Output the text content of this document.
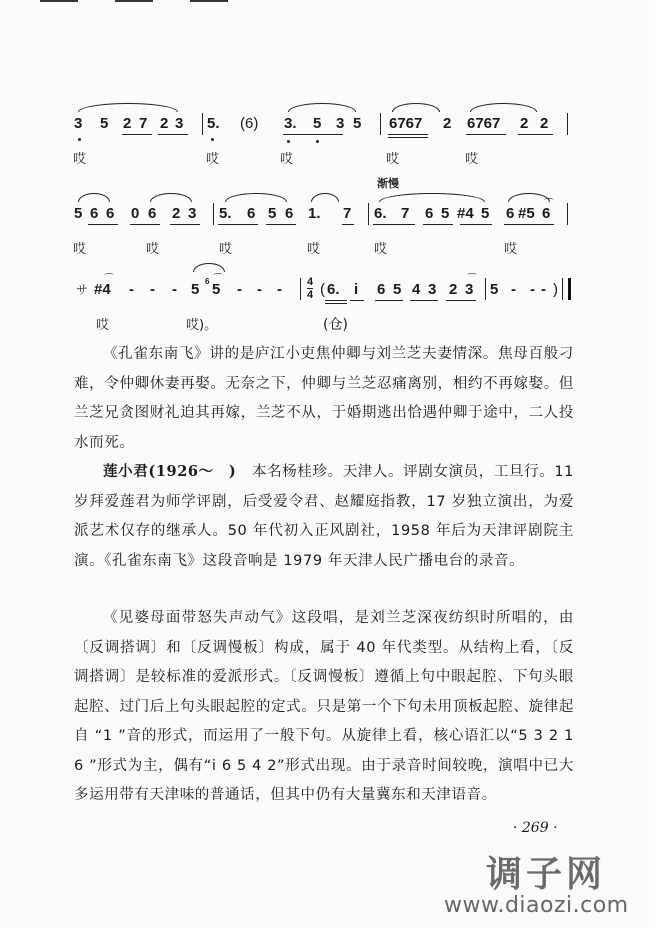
3 5 2 7 2 3 5. (6) 3. 5 3 5 6767 2 6767 2 2
哎	哎	哎	哎	哎
渐慢
5 6 6 0 6 2 3 5. 6 5 6 1. 7 6. 7 6 5 #4 5 6 #5 6
⌒
哎	哎	哎	哎	哎	哎
サ
⌒
#4 - - - 5 6 ⌒
5 - - - 4
4 ( 6. i 6 5 4 3 2
⌒
3 5 - - - )
哎	哎)。	(仓)

《孔雀东南飞》讲的是庐江小吏焦仲卿与刘兰芝夫妻情深。焦母百般刁难，令仲卿休妻再娶。无奈之下，仲卿与兰芝忍痛离别，相约不再嫁娶。但兰芝兄贪图财礼迫其再嫁，兰芝不从，于婚期逃出恰遇仲卿于途中，二人投水而死。

莲小君(1926～　) 本名杨桂珍。天津人。评剧女演员，工旦行。11 岁拜爱莲君为师学评剧，后受爱令君、赵耀庭指教，17 岁独立演出，为爱派艺术仅存的继承人。50 年代初入正风剧社，1958 年后为天津评剧院主演。《孔雀东南飞》这段音响是 1979 年天津人民广播电台的录音。

《见婆母面带怒失声动气》这段唱，是刘兰芝深夜纺织时所唱的，由〔反调搭调〕和〔反调慢板〕构成，属于 40 年代类型。从结构上看，〔反调搭调〕是较标准的爱派形式。〔反调慢板〕遵循上句中眼起腔、下句头眼起腔、过门后上句头眼起腔的定式。只是第一个下句未用顶板起腔、旋律起自 “1 ”音的形式，而运用了一般下句。从旋律上看，核心语汇以“5 3 2 1 6 ”形式为主，偶有“i 6 5 4 2”形式出现。由于录音时间较晚，演唱中已大多运用带有天津味的普通话，但其中仍有大量冀东和天津语音。

· 269 ·
调子网
www.diaozi.com
